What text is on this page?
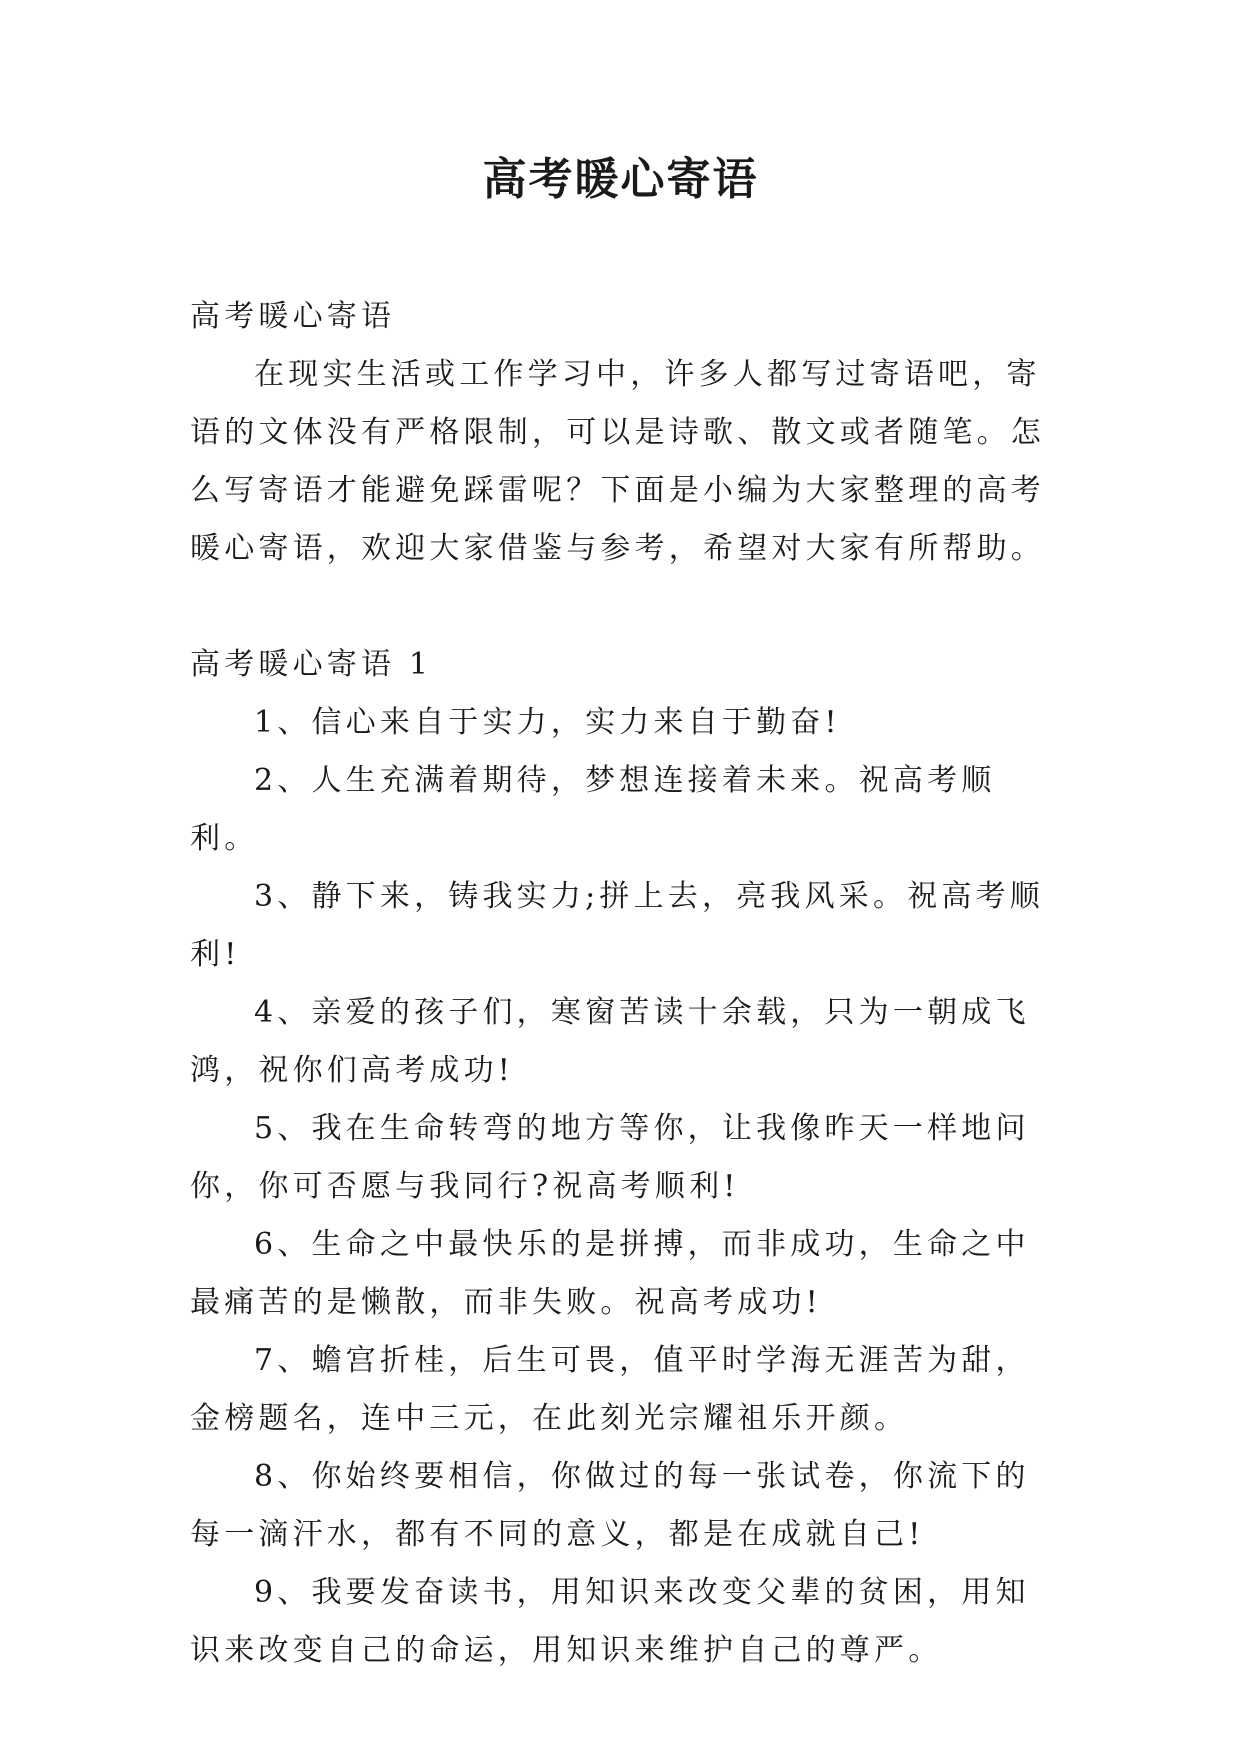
高考暖心寄语

高考暖心寄语

在现实生活或工作学习中，许多人都写过寄语吧，寄语的文体没有严格限制，可以是诗歌、散文或者随笔。怎么写寄语才能避免踩雷呢？下面是小编为大家整理的高考暖心寄语，欢迎大家借鉴与参考，希望对大家有所帮助。

高考暖心寄语 1

1、信心来自于实力，实力来自于勤奋!

2、人生充满着期待，梦想连接着未来。祝高考顺利。

3、静下来，铸我实力;拼上去，亮我风采。祝高考顺利!

4、亲爱的孩子们，寒窗苦读十余载，只为一朝成飞鸿，祝你们高考成功!

5、我在生命转弯的地方等你，让我像昨天一样地问你，你可否愿与我同行?祝高考顺利!

6、生命之中最快乐的是拼搏，而非成功，生命之中最痛苦的是懒散，而非失败。祝高考成功!

7、蟾宫折桂，后生可畏，值平时学海无涯苦为甜，金榜题名，连中三元，在此刻光宗耀祖乐开颜。

8、你始终要相信，你做过的每一张试卷，你流下的每一滴汗水，都有不同的意义，都是在成就自己!

9、我要发奋读书，用知识来改变父辈的贫困，用知识来改变自己的命运，用知识来维护自己的尊严。
